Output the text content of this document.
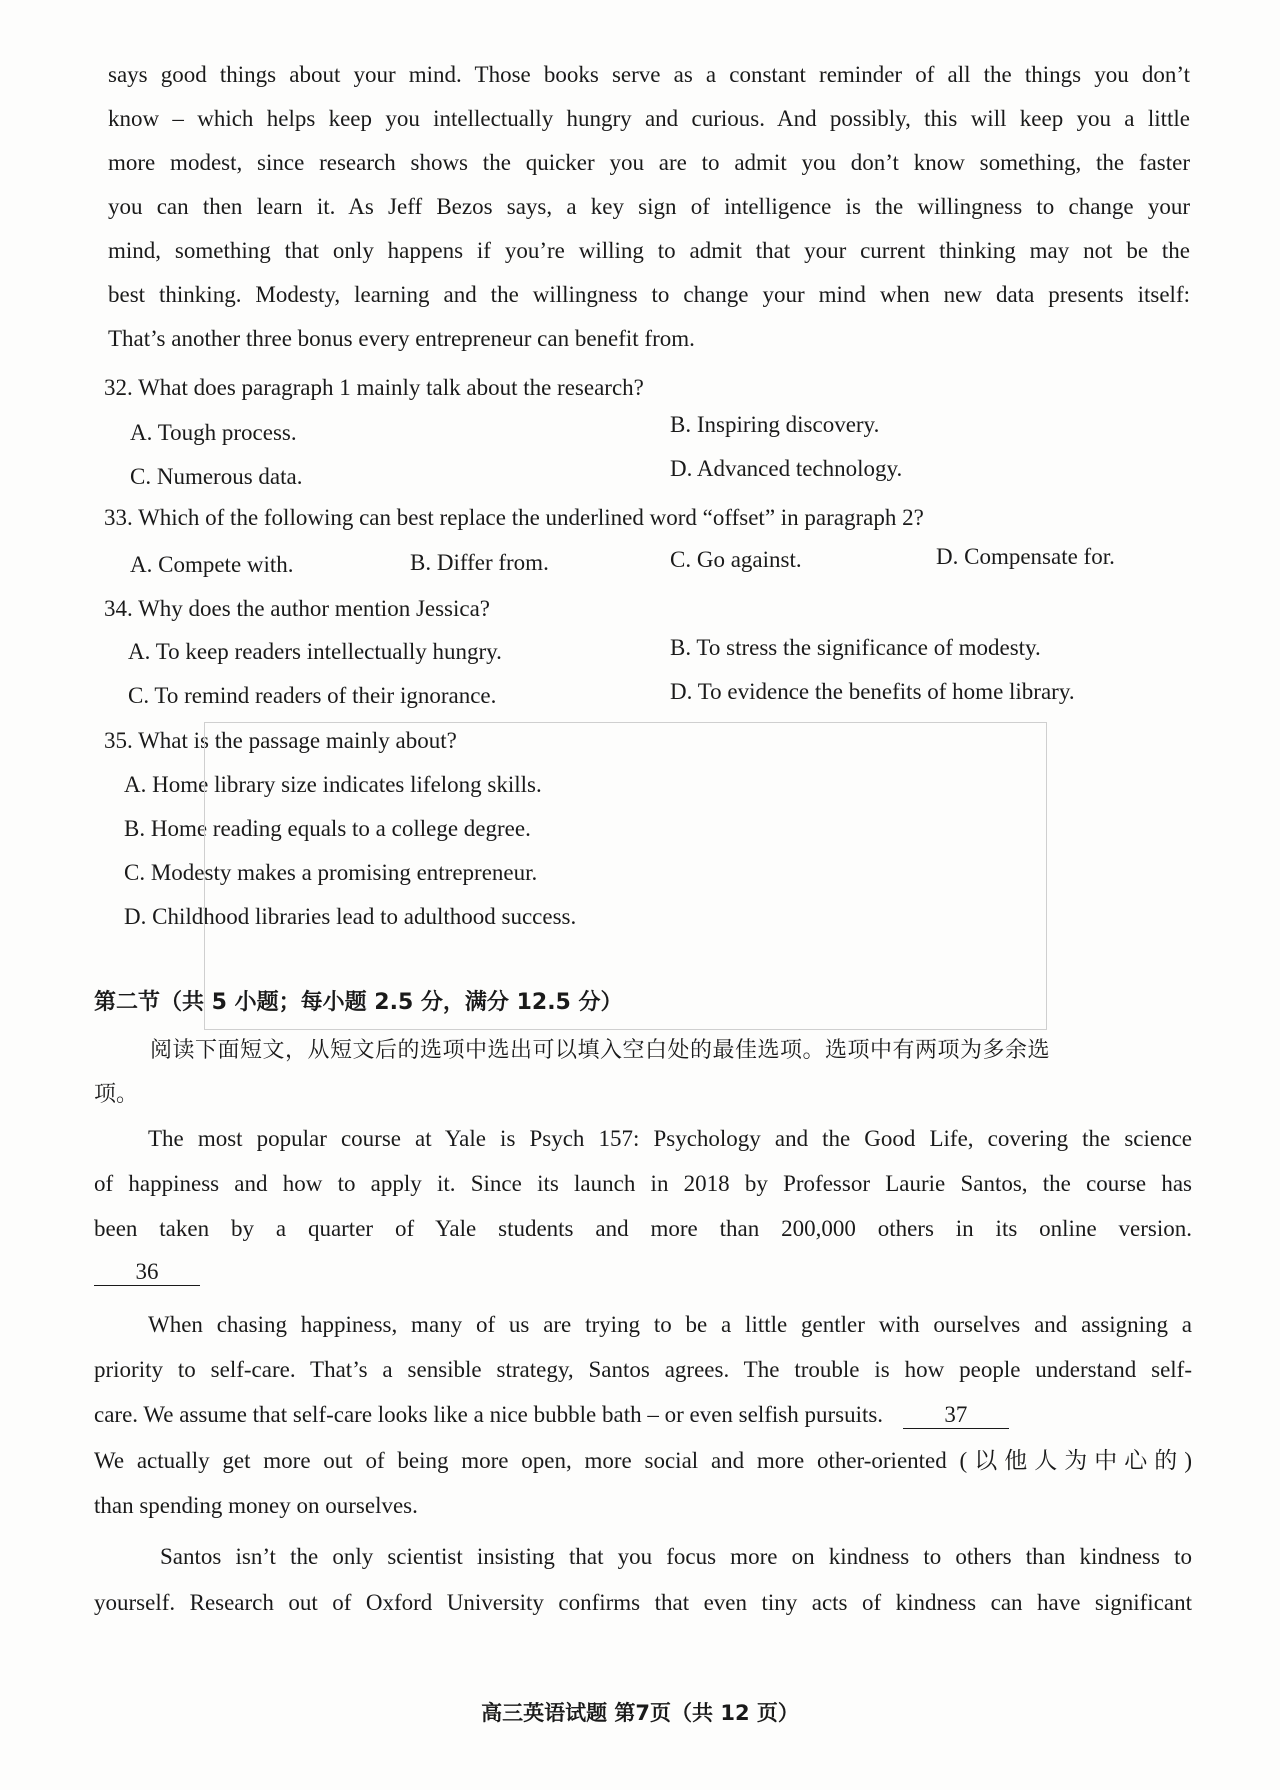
says good things about your mind. Those books serve as a constant reminder of all the things you don’t
know – which helps keep you intellectually hungry and curious. And possibly, this will keep you a little
more modest, since research shows the quicker you are to admit you don’t know something, the faster
you can then learn it. As Jeff Bezos says, a key sign of intelligence is the willingness to change your
mind, something that only happens if you’re willing to admit that your current thinking may not be the
best thinking. Modesty, learning and the willingness to change your mind when new data presents itself:
That’s another three bonus every entrepreneur can benefit from.
32. What does paragraph 1 mainly talk about the research?
A. Tough process.	B. Inspiring discovery.
C. Numerous data.	D. Advanced technology.
33. Which of the following can best replace the underlined word “offset” in paragraph 2?
A. Compete with.	B. Differ from.	C. Go against.	D. Compensate for.
34. Why does the author mention Jessica?
A. To keep readers intellectually hungry.	B. To stress the significance of modesty.
C. To remind readers of their ignorance.	D. To evidence the benefits of home library.
35. What is the passage mainly about?
A. Home library size indicates lifelong skills.
B. Home reading equals to a college degree.
C. Modesty makes a promising entrepreneur.
D. Childhood libraries lead to adulthood success.
第二节（共 5 小题；每小题 2.5 分，满分 12.5 分）
阅读下面短文，从短文后的选项中选出可以填入空白处的最佳选项。选项中有两项为多余选
项。
The most popular course at Yale is Psych 157: Psychology and the Good Life, covering the science
of happiness and how to apply it. Since its launch in 2018 by Professor Laurie Santos, the course has
been taken by a quarter of Yale students and more than 200,000 others in its online version.
36
When chasing happiness, many of us are trying to be a little gentler with ourselves and assigning a
priority to self-care. That’s a sensible strategy, Santos agrees. The trouble is how people understand self-
care. We assume that self-care looks like a nice bubble bath – or even selfish pursuits.	37
We actually get more out of being more open, more social and more other-oriented (以他人为中心的)
than spending money on ourselves.
Santos isn’t the only scientist insisting that you focus more on kindness to others than kindness to
yourself. Research out of Oxford University confirms that even tiny acts of kindness can have significant
高三英语试题 第7页（共 12 页）
